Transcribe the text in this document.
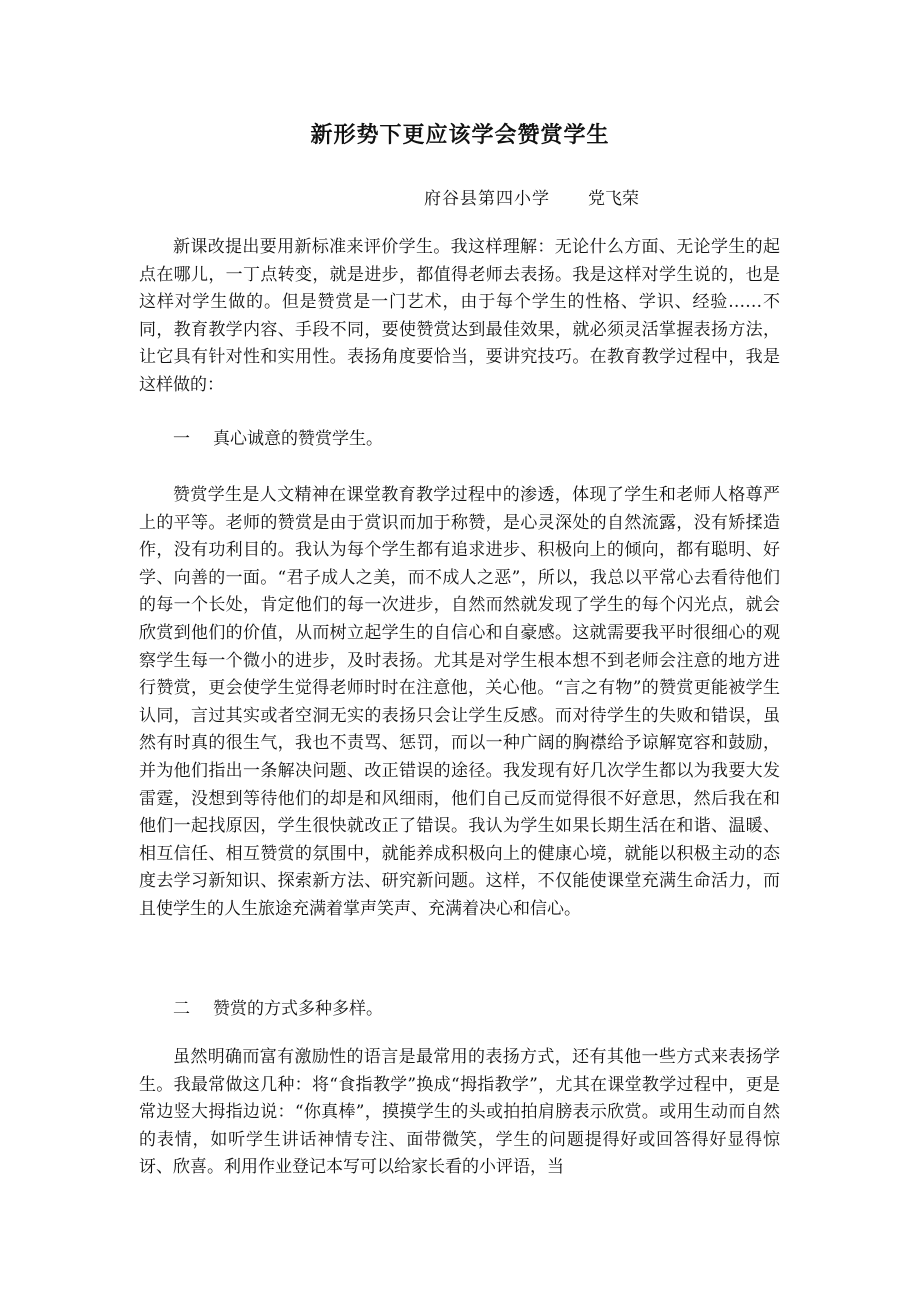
新形势下更应该学会赞赏学生
府谷县第四小学 党飞荣

新课改提出要用新标准来评价学生。我这样理解：无论什么方面、无论学生的起点在哪儿，一丁点转变，就是进步，都值得老师去表扬。我是这样对学生说的，也是这样对学生做的。但是赞赏是一门艺术，由于每个学生的性格、学识、经验……不同，教育教学内容、手段不同，要使赞赏达到最佳效果，就必须灵活掌握表扬方法，让它具有针对性和实用性。表扬角度要恰当，要讲究技巧。在教育教学过程中，我是这样做的：

一 真心诚意的赞赏学生。

赞赏学生是人文精神在课堂教育教学过程中的渗透，体现了学生和老师人格尊严上的平等。老师的赞赏是由于赏识而加于称赞，是心灵深处的自然流露，没有矫揉造作，没有功利目的。我认为每个学生都有追求进步、积极向上的倾向，都有聪明、好学、向善的一面。“君子成人之美，而不成人之恶”，所以，我总以平常心去看待他们的每一个长处，肯定他们的每一次进步，自然而然就发现了学生的每个闪光点，就会欣赏到他们的价值，从而树立起学生的自信心和自豪感。这就需要我平时很细心的观察学生每一个微小的进步，及时表扬。尤其是对学生根本想不到老师会注意的地方进行赞赏，更会使学生觉得老师时时在注意他，关心他。“言之有物”的赞赏更能被学生认同，言过其实或者空洞无实的表扬只会让学生反感。而对待学生的失败和错误，虽然有时真的很生气，我也不责骂、惩罚，而以一种广阔的胸襟给予谅解宽容和鼓励，并为他们指出一条解决问题、改正错误的途径。我发现有好几次学生都以为我要大发雷霆，没想到等待他们的却是和风细雨，他们自己反而觉得很不好意思，然后我在和他们一起找原因，学生很快就改正了错误。我认为学生如果长期生活在和谐、温暖、相互信任、相互赞赏的氛围中，就能养成积极向上的健康心境，就能以积极主动的态度去学习新知识、探索新方法、研究新问题。这样，不仅能使课堂充满生命活力，而且使学生的人生旅途充满着掌声笑声、充满着决心和信心。

二 赞赏的方式多种多样。

虽然明确而富有激励性的语言是最常用的表扬方式，还有其他一些方式来表扬学生。我最常做这几种：将“食指教学”换成“拇指教学”，尤其在课堂教学过程中，更是常边竖大拇指边说：“你真棒”，摸摸学生的头或拍拍肩膀表示欣赏。或用生动而自然的表情，如听学生讲话神情专注、面带微笑，学生的问题提得好或回答得好显得惊讶、欣喜。利用作业登记本写可以给家长看的小评语，当
